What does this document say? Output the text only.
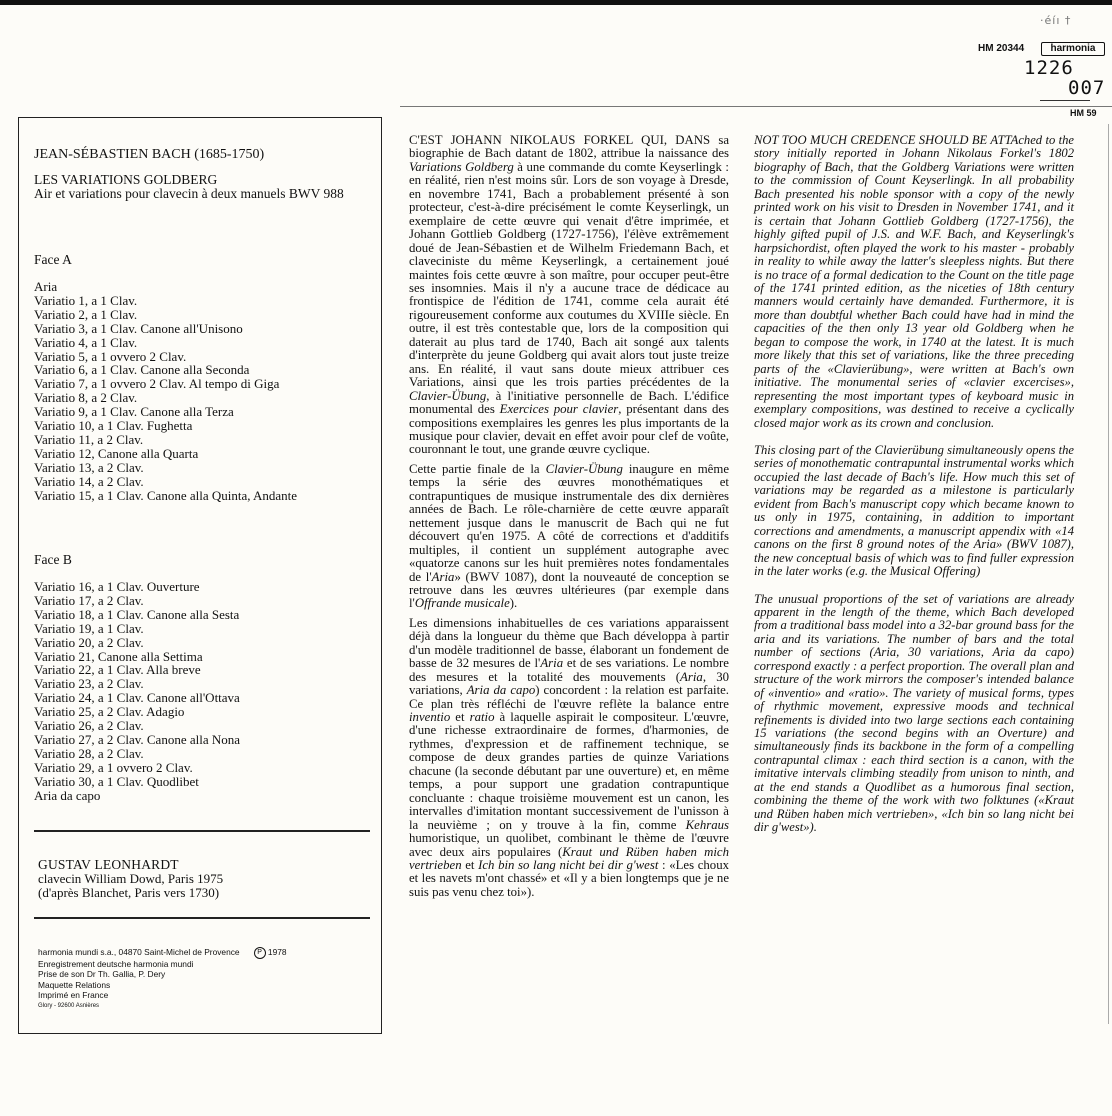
·éíı †
HM 20344	harmonia
1226
007
HM 59
JEAN-SÉBASTIEN BACH (1685-1750)
LES VARIATIONS GOLDBERG
Air et variations pour clavecin à deux manuels BWV 988
Face A
Aria
Variatio 1, a 1 Clav.
Variatio 2, a 1 Clav.
Variatio 3, a 1 Clav. Canone all'Unisono
Variatio 4, a 1 Clav.
Variatio 5, a 1 ovvero 2 Clav.
Variatio 6, a 1 Clav. Canone alla Seconda
Variatio 7, a 1 ovvero 2 Clav. Al tempo di Giga
Variatio 8, a 2 Clav.
Variatio 9, a 1 Clav. Canone alla Terza
Variatio 10, a 1 Clav. Fughetta
Variatio 11, a 2 Clav.
Variatio 12, Canone alla Quarta
Variatio 13, a 2 Clav.
Variatio 14, a 2 Clav.
Variatio 15, a 1 Clav. Canone alla Quinta, Andante
Face B
Variatio 16, a 1 Clav. Ouverture
Variatio 17, a 2 Clav.
Variatio 18, a 1 Clav. Canone alla Sesta
Variatio 19, a 1 Clav.
Variatio 20, a 2 Clav.
Variatio 21, Canone alla Settima
Variatio 22, a 1 Clav. Alla breve
Variatio 23, a 2 Clav.
Variatio 24, a 1 Clav. Canone all'Ottava
Variatio 25, a 2 Clav. Adagio
Variatio 26, a 2 Clav.
Variatio 27, a 2 Clav. Canone alla Nona
Variatio 28, a 2 Clav.
Variatio 29, a 1 ovvero 2 Clav.
Variatio 30, a 1 Clav. Quodlibet
Aria da capo
GUSTAV LEONHARDT
clavecin William Dowd, Paris 1975
(d'après Blanchet, Paris vers 1730)
harmonia mundi s.a., 04870 Saint-Michel de Provence	P 1978
Enregistrement deutsche harmonia mundi
Prise de son Dr Th. Gallia, P. Dery
Maquette Relations
Imprimé en France
Glory - 92600 Asnières

C'EST JOHANN NIKOLAUS FORKEL QUI, DANS sa biographie de Bach datant de 1802, attribue la naissance des Variations Goldberg à une commande du comte Keyserlingk : en réalité, rien n'est moins sûr. Lors de son voyage à Dresde, en novembre 1741, Bach a probablement présenté à son protecteur, c'est-à-dire précisément le comte Keyserlingk, un exemplaire de cette œuvre qui venait d'être imprimée, et Johann Gottlieb Goldberg (1727-1756), l'élève extrêmement doué de Jean-Sébastien et de Wilhelm Friedemann Bach, et claveciniste du même Keyserlingk, a certainement joué maintes fois cette œuvre à son maître, pour occuper peut-être ses insomnies. Mais il n'y a aucune trace de dédicace au frontispice de l'édition de 1741, comme cela aurait été rigoureusement conforme aux coutumes du XVIIIe siècle. En outre, il est très contestable que, lors de la composition qui daterait au plus tard de 1740, Bach ait songé aux talents d'interprète du jeune Goldberg qui avait alors tout juste treize ans. En réalité, il vaut sans doute mieux attribuer ces Variations, ainsi que les trois parties précédentes de la Clavier-Übung, à l'initiative personnelle de Bach. L'édifice monumental des Exercices pour clavier, présentant dans des compositions exemplaires les genres les plus importants de la musique pour clavier, devait en effet avoir pour clef de voûte, couronnant le tout, une grande œuvre cyclique.

Cette partie finale de la Clavier-Übung inaugure en même temps la série des œuvres monothématiques et contrapuntiques de musique instrumentale des dix dernières années de Bach. Le rôle-charnière de cette œuvre apparaît nettement jusque dans le manuscrit de Bach qui ne fut découvert qu'en 1975. A côté de corrections et d'additifs multiples, il contient un supplément autographe avec «quatorze canons sur les huit premières notes fondamentales de l'Aria» (BWV 1087), dont la nouveauté de conception se retrouve dans les œuvres ultérieures (par exemple dans l'Offrande musicale).

Les dimensions inhabituelles de ces variations apparaissent déjà dans la longueur du thème que Bach développa à partir d'un modèle traditionnel de basse, élaborant un fondement de basse de 32 mesures de l'Aria et de ses variations. Le nombre des mesures et la totalité des mouvements (Aria, 30 variations, Aria da capo) concordent : la relation est parfaite. Ce plan très réfléchi de l'œuvre reflète la balance entre inventio et ratio à laquelle aspirait le compositeur. L'œuvre, d'une richesse extraordinaire de formes, d'harmonies, de rythmes, d'expression et de raffinement technique, se compose de deux grandes parties de quinze Variations chacune (la seconde débutant par une ouverture) et, en même temps, a pour support une gradation contrapuntique concluante : chaque troisième mouvement est un canon, les intervalles d'imitation montant successivement de l'unisson à la neuvième ; on y trouve à la fin, comme Kehraus humoristique, un quolibet, combinant le thème de l'œuvre avec deux airs populaires (Kraut und Rüben haben mich vertrieben et Ich bin so lang nicht bei dir g'west : «Les choux et les navets m'ont chassé» et «Il y a bien longtemps que je ne suis pas venu chez toi»).

NOT TOO MUCH CREDENCE SHOULD BE ATTAched to the story initially reported in Johann Nikolaus Forkel's 1802 biography of Bach, that the Goldberg Variations were written to the commission of Count Keyserlingk. In all probability Bach presented his noble sponsor with a copy of the newly printed work on his visit to Dresden in November 1741, and it is certain that Johann Gottlieb Goldberg (1727-1756), the highly gifted pupil of J.S. and W.F. Bach, and Keyserlingk's harpsichordist, often played the work to his master - probably in reality to while away the latter's sleepless nights. But there is no trace of a formal dedication to the Count on the title page of the 1741 printed edition, as the niceties of 18th century manners would certainly have demanded. Furthermore, it is more than doubtful whether Bach could have had in mind the capacities of the then only 13 year old Goldberg when he began to compose the work, in 1740 at the latest. It is much more likely that this set of variations, like the three preceding parts of the «Clavierübung», were written at Bach's own initiative. The monumental series of «clavier excercises», representing the most important types of keyboard music in exemplary compositions, was destined to receive a cyclically closed major work as its crown and conclusion.

This closing part of the Clavierübung simultaneously opens the series of monothematic contrapuntal instrumental works which occupied the last decade of Bach's life. How much this set of variations may be regarded as a milestone is particularly evident from Bach's manuscript copy which became known to us only in 1975, containing, in addition to important corrections and amendments, a manuscript appendix with «14 canons on the first 8 ground notes of the Aria» (BWV 1087), the new conceptual basis of which was to find fuller expression in the later works (e.g. the Musical Offering)

The unusual proportions of the set of variations are already apparent in the length of the theme, which Bach developed from a traditional bass model into a 32-bar ground bass for the aria and its variations. The number of bars and the total number of sections (Aria, 30 variations, Aria da capo) correspond exactly : a perfect proportion. The overall plan and structure of the work mirrors the composer's intended balance of «inventio» and «ratio». The variety of musical forms, types of rhythmic movement, expressive moods and technical refinements is divided into two large sections each containing 15 variations (the second begins with an Overture) and simultaneously finds its backbone in the form of a compelling contrapuntal climax : each third section is a canon, with the imitative intervals climbing steadily from unison to ninth, and at the end stands a Quodlibet as a humorous final section, combining the theme of the work with two folktunes («Kraut und Rüben haben mich vertrieben», «Ich bin so lang nicht bei dir g'west»).
